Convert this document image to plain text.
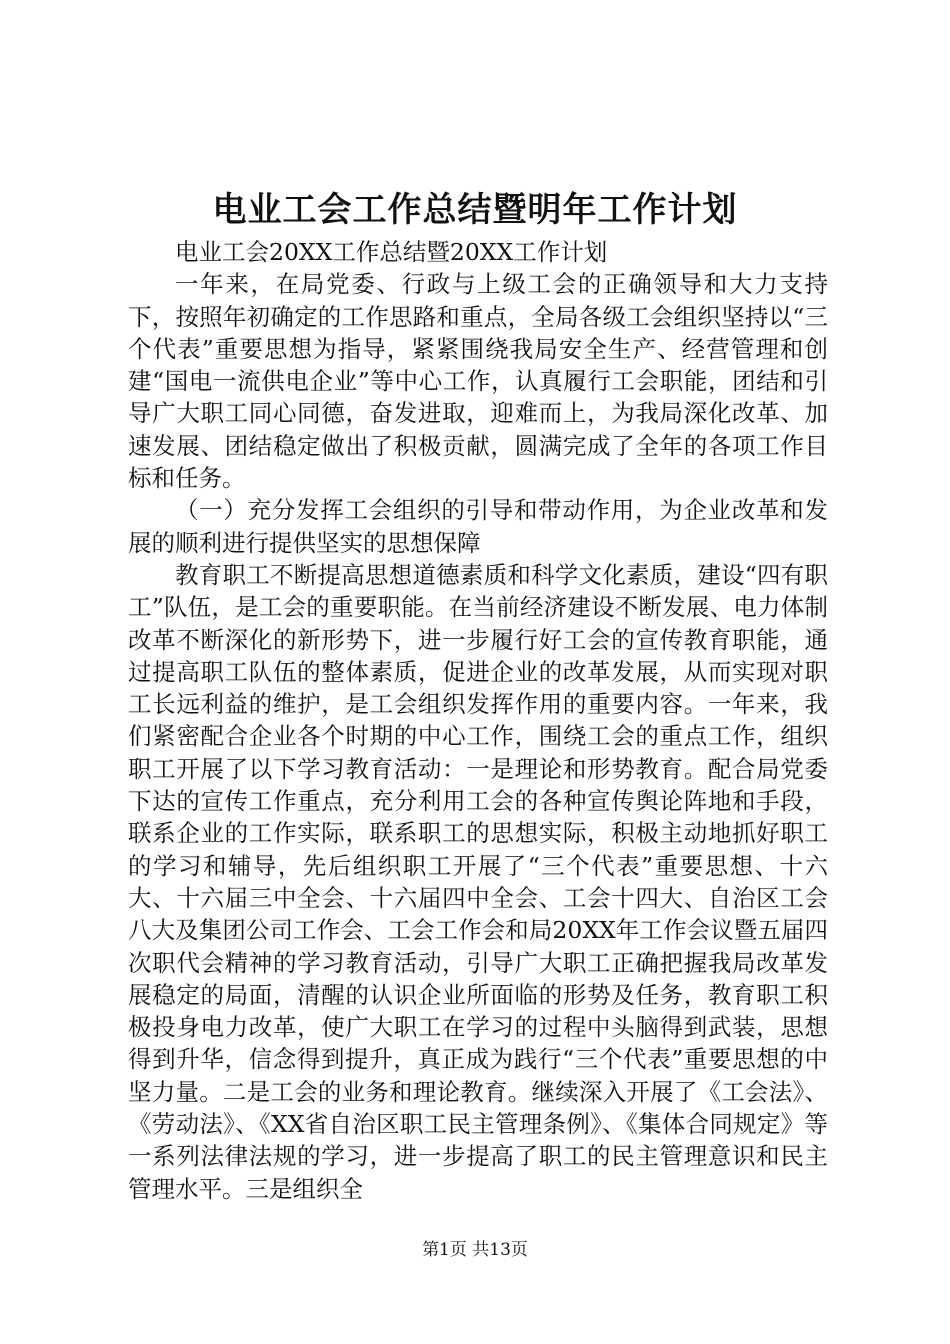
电业工会工作总结暨明年工作计划

电业工会20XX工作总结暨20XX工作计划

一年来，在局党委、行政与上级工会的正确领导和大力支持下，按照年初确定的工作思路和重点，全局各级工会组织坚持以“三个代表”重要思想为指导，紧紧围绕我局安全生产、经营管理和创建“国电一流供电企业”等中心工作，认真履行工会职能，团结和引导广大职工同心同德，奋发进取，迎难而上，为我局深化改革、加速发展、团结稳定做出了积极贡献，圆满完成了全年的各项工作目标和任务。

（一）充分发挥工会组织的引导和带动作用，为企业改革和发展的顺利进行提供坚实的思想保障

教育职工不断提高思想道德素质和科学文化素质，建设“四有职工”队伍，是工会的重要职能。在当前经济建设不断发展、电力体制改革不断深化的新形势下，进一步履行好工会的宣传教育职能，通过提高职工队伍的整体素质，促进企业的改革发展，从而实现对职工长远利益的维护，是工会组织发挥作用的重要内容。一年来，我们紧密配合企业各个时期的中心工作，围绕工会的重点工作，组织职工开展了以下学习教育活动：一是理论和形势教育。配合局党委下达的宣传工作重点，充分利用工会的各种宣传舆论阵地和手段，联系企业的工作实际，联系职工的思想实际，积极主动地抓好职工的学习和辅导，先后组织职工开展了“三个代表”重要思想、十六大、十六届三中全会、十六届四中全会、工会十四大、自治区工会八大及集团公司工作会、工会工作会和局20XX年工作会议暨五届四次职代会精神的学习教育活动，引导广大职工正确把握我局改革发展稳定的局面，清醒的认识企业所面临的形势及任务，教育职工积极投身电力改革，使广大职工在学习的过程中头脑得到武装，思想得到升华，信念得到提升，真正成为践行“三个代表”重要思想的中坚力量。二是工会的业务和理论教育。继续深入开展了《工会法》、《劳动法》、《XX省自治区职工民主管理条例》、《集体合同规定》等一系列法律法规的学习，进一步提高了职工的民主管理意识和民主管理水平。三是组织全

第1页 共13页
